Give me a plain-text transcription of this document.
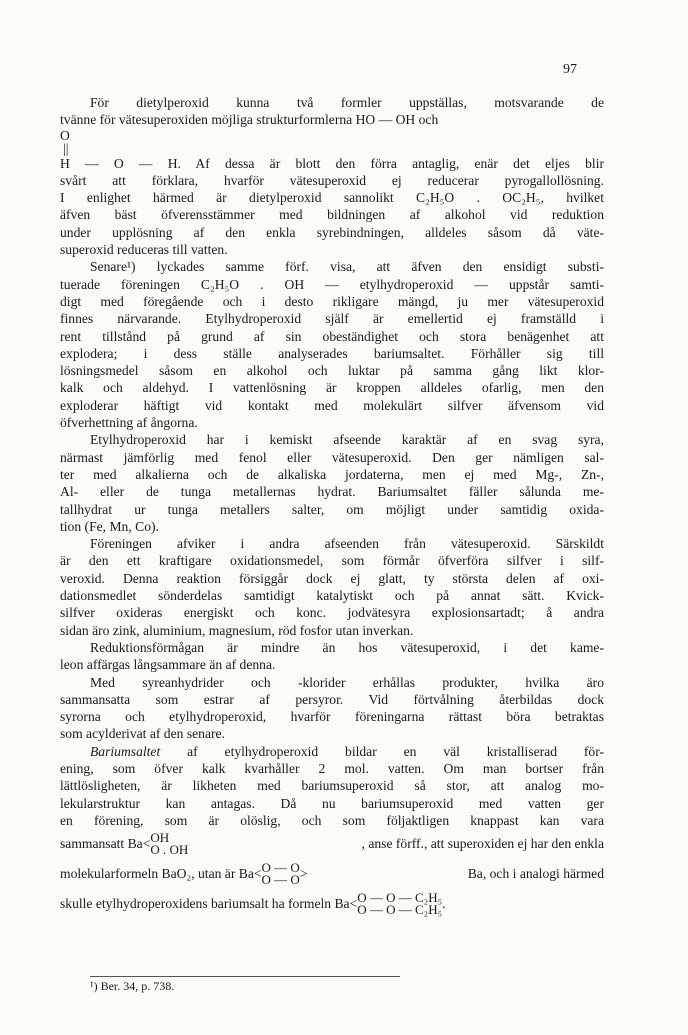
97
För dietylperoxid kunna två formler uppställas, motsvarande de
tvänne för vätesuperoxiden möjliga strukturformlerna HO — OH och
O
||
H — O — H. Af dessa är blott den förra antaglig, enär det eljes blir
svårt att förklara, hvarför vätesuperoxid ej reducerar pyrogallollösning.
I enlighet härmed är dietylperoxid sannolikt C₂H₅O . OC₂H₅, hvilket
äfven bäst öfverensstämmer med bildningen af alkohol vid reduktion
under upplösning af den enkla syrebindningen, alldeles såsom då väte-
superoxid reduceras till vatten.
Senare¹) lyckades samme förf. visa, att äfven den ensidigt substi-
tuerade föreningen C₂H₅O . OH — etylhydroperoxid — uppstår samti-
digt med föregående och i desto rikligare mängd, ju mer vätesuperoxid
finnes närvarande. Etylhydroperoxid själf är emellertid ej framställd i
rent tillstånd på grund af sin obeständighet och stora benägenhet att
explodera; i dess ställe analyserades bariumsaltet. Förhåller sig till
lösningsmedel såsom en alkohol och luktar på samma gång likt klor-
kalk och aldehyd. I vattenlösning är kroppen alldeles ofarlig, men den
exploderar häftigt vid kontakt med molekulärt silfver äfvensom vid
öfverhettning af ångorna.
Etylhydroperoxid har i kemiskt afseende karaktär af en svag syra,
närmast jämförlig med fenol eller vätesuperoxid. Den ger nämligen sal-
ter med alkalierna och de alkaliska jordaterna, men ej med Mg-, Zn-,
Al- eller de tunga metallernas hydrat. Bariumsaltet fäller sålunda me-
tallhydrat ur tunga metallers salter, om möjligt under samtidig oxida-
tion (Fe, Mn, Co).
Föreningen afviker i andra afseenden från vätesuperoxid. Särskildt
är den ett kraftigare oxidationsmedel, som förmår öfverföra silfver i silf-
veroxid. Denna reaktion försiggår dock ej glatt, ty största delen af oxi-
dationsmedlet sönderdelas samtidigt katalytiskt och på annat sätt. Kvick-
silfver oxideras energiskt och konc. jodvätesyra explosionsartadt; å andra
sidan äro zink, aluminium, magnesium, röd fosfor utan inverkan.
Reduktionsförmågan är mindre än hos vätesuperoxid, i det kame-
leon affärgas långsammare än af denna.
Med syreanhydrider och -klorider erhållas produkter, hvilka äro
sammansatta som estrar af persyror. Vid förtvålning återbildas dock
syrorna och etylhydroperoxid, hvarför föreningarna rättast böra betraktas
som acylderivat af den senare.
Bariumsaltet af etylhydroperoxid bildar en väl kristalliserad för-
ening, som öfver kalk kvarhåller 2 mol. vatten. Om man bortser från
lättlösligheten, är likheten med bariumsuperoxid så stor, att analog mo-
lekularstruktur kan antagas. Då nu bariumsuperoxid med vatten ger
en förening, som är olöslig, och som följaktligen knappast kan vara
sammansatt Ba < OH
O . OH	, anse förff., att superoxiden ej har den enkla
molekularformeln BaO₂, utan är Ba < O — O
O — O >	Ba, och i analogi härmed
skulle etylhydroperoxidens bariumsalt ha formeln Ba < O — O — C₂H₅
O — O — C₂H₅ .
¹) Ber. 34, p. 738.
